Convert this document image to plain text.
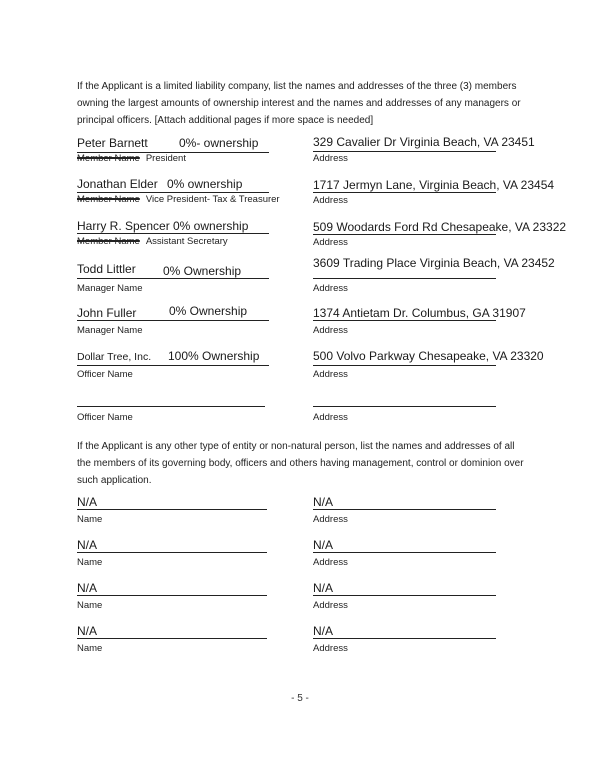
If the Applicant is a limited liability company, list the names and addresses of the three (3) members owning the largest amounts of ownership interest and the names and addresses of any managers or principal officers. [Attach additional pages if more space is needed]
Peter Barnett	0%- ownership
Member Name President
329 Cavalier Dr Virginia Beach, VA 23451
Address
Jonathan Elder 0% ownership
Member Name Vice President- Tax & Treasurer
1717 Jermyn Lane, Virginia Beach, VA 23454
Address
Harry R. Spencer 0% ownership
Member Name Assistant Secretary
509 Woodards Ford Rd Chesapeake, VA 23322
Address
Todd Littler 0% Ownership
Manager Name
3609 Trading Place Virginia Beach, VA 23452
Address
John Fuller	0% Ownership
Manager Name
1374 Antietam Dr. Columbus, GA 31907
Address
Dollar Tree, Inc. 100% Ownership
Officer Name
500 Volvo Parkway Chesapeake, VA 23320
Address
Officer Name	Address
If the Applicant is any other type of entity or non-natural person, list the names and addresses of all the members of its governing body, officers and others having management, control or dominion over such application.
N/A
Name
N/A
Address
N/A
Name
N/A
Address
N/A
Name
N/A
Address
N/A
Name
N/A
Address
- 5 -
